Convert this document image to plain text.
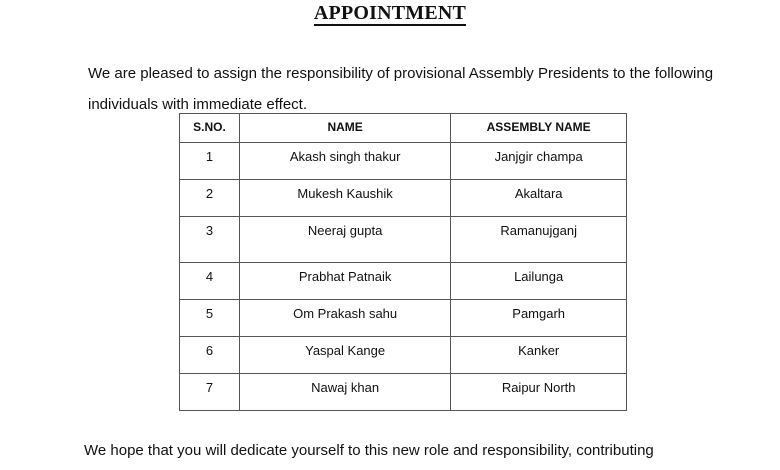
APPOINTMENT
We are pleased to assign the responsibility of provisional Assembly Presidents to the following individuals with immediate effect.
S.NO.	NAME	ASSEMBLY NAME
1	Akash singh thakur	Janjgir champa
2	Mukesh Kaushik	Akaltara
3	Neeraj gupta	Ramanujganj
4	Prabhat Patnaik	Lailunga
5	Om Prakash sahu	Pamgarh
6	Yaspal Kange	Kanker
7	Nawaj khan	Raipur North
We hope that you will dedicate yourself to this new role and responsibility, contributing
